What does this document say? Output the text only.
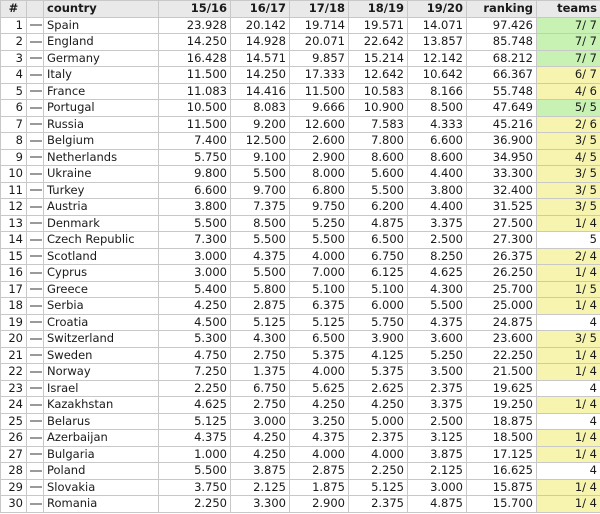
#		country	15/16	16/17	17/18	18/19	19/20	ranking	teams
1		Spain	23.928	20.142	19.714	19.571	14.071	97.426	7/ 7
2		England	14.250	14.928	20.071	22.642	13.857	85.748	7/ 7
3		Germany	16.428	14.571	9.857	15.214	12.142	68.212	7/ 7
4		Italy	11.500	14.250	17.333	12.642	10.642	66.367	6/ 7
5		France	11.083	14.416	11.500	10.583	8.166	55.748	4/ 6
6		Portugal	10.500	8.083	9.666	10.900	8.500	47.649	5/ 5
7		Russia	11.500	9.200	12.600	7.583	4.333	45.216	2/ 6
8		Belgium	7.400	12.500	2.600	7.800	6.600	36.900	3/ 5
9		Netherlands	5.750	9.100	2.900	8.600	8.600	34.950	4/ 5
10		Ukraine	9.800	5.500	8.000	5.600	4.400	33.300	3/ 5
11		Turkey	6.600	9.700	6.800	5.500	3.800	32.400	3/ 5
12		Austria	3.800	7.375	9.750	6.200	4.400	31.525	3/ 5
13		Denmark	5.500	8.500	5.250	4.875	3.375	27.500	1/ 4
14		Czech Republic	7.300	5.500	5.500	6.500	2.500	27.300	5
15		Scotland	3.000	4.375	4.000	6.750	8.250	26.375	2/ 4
16		Cyprus	3.000	5.500	7.000	6.125	4.625	26.250	1/ 4
17		Greece	5.400	5.800	5.100	5.100	4.300	25.700	1/ 5
18		Serbia	4.250	2.875	6.375	6.000	5.500	25.000	1/ 4
19		Croatia	4.500	5.125	5.125	5.750	4.375	24.875	4
20		Switzerland	5.300	4.300	6.500	3.900	3.600	23.600	3/ 5
21		Sweden	4.750	2.750	5.375	4.125	5.250	22.250	1/ 4
22		Norway	7.250	1.375	4.000	5.375	3.500	21.500	1/ 4
23		Israel	2.250	6.750	5.625	2.625	2.375	19.625	4
24		Kazakhstan	4.625	2.750	4.250	4.250	3.375	19.250	1/ 4
25		Belarus	5.125	3.000	3.250	5.000	2.500	18.875	4
26		Azerbaijan	4.375	4.250	4.375	2.375	3.125	18.500	1/ 4
27		Bulgaria	1.000	4.250	4.000	4.000	3.875	17.125	1/ 4
28		Poland	5.500	3.875	2.875	2.250	2.125	16.625	4
29		Slovakia	3.750	2.125	1.875	5.125	3.000	15.875	1/ 4
30		Romania	2.250	3.300	2.900	2.375	4.875	15.700	1/ 4
